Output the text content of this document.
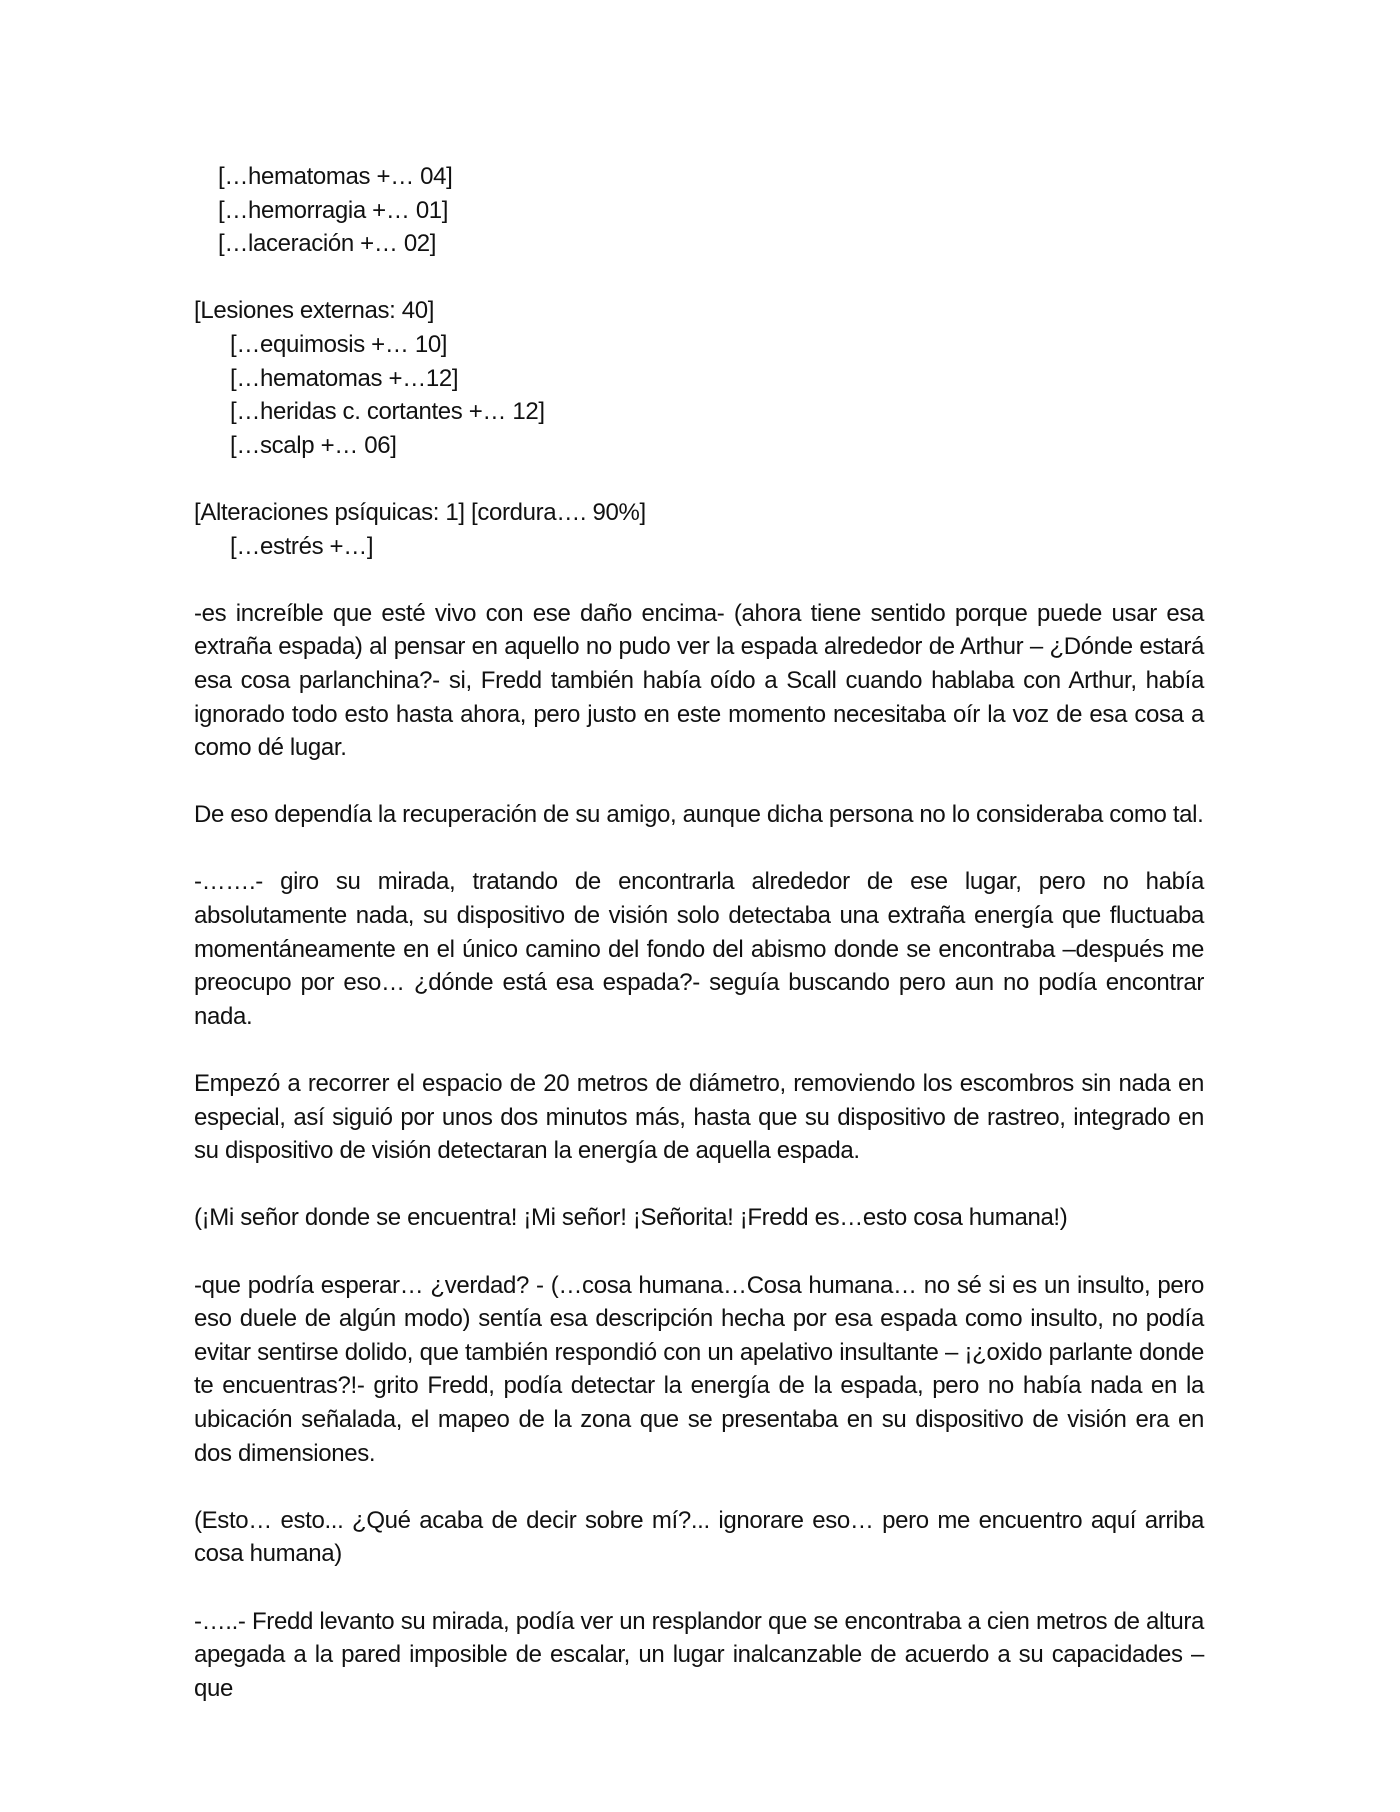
[…hematomas +… 04]
[…hemorragia +… 01]
[…laceración +… 02]
[Lesiones externas: 40]
[…equimosis +… 10]
[…hematomas +…12]
[…heridas c. cortantes +… 12]
[…scalp +… 06]
[Alteraciones psíquicas: 1] [cordura…. 90%]
[…estrés +…]

-es increíble que esté vivo con ese daño encima- (ahora tiene sentido porque puede usar esa extraña espada) al pensar en aquello no pudo ver la espada alrededor de Arthur – ¿Dónde estará esa cosa parlanchina?- si, Fredd también había oído a Scall cuando hablaba con Arthur, había ignorado todo esto hasta ahora, pero justo en este momento necesitaba oír la voz de esa cosa a como dé lugar.

De eso dependía la recuperación de su amigo, aunque dicha persona no lo consideraba como tal.

-…….- giro su mirada, tratando de encontrarla alrededor de ese lugar, pero no había absolutamente nada, su dispositivo de visión solo detectaba una extraña energía que fluctuaba momentáneamente en el único camino del fondo del abismo donde se encontraba –después me preocupo por eso… ¿dónde está esa espada?- seguía buscando pero aun no podía encontrar nada.

Empezó a recorrer el espacio de 20 metros de diámetro, removiendo los escombros sin nada en especial, así siguió por unos dos minutos más, hasta que su dispositivo de rastreo, integrado en su dispositivo de visión detectaran la energía de aquella espada.

(¡Mi señor donde se encuentra! ¡Mi señor! ¡Señorita! ¡Fredd es…esto cosa humana!)

-que podría esperar… ¿verdad? - (…cosa humana…Cosa humana… no sé si es un insulto, pero eso duele de algún modo) sentía esa descripción hecha por esa espada como insulto, no podía evitar sentirse dolido, que también respondió con un apelativo insultante – ¡¿oxido parlante donde te encuentras?!- grito Fredd, podía detectar la energía de la espada, pero no había nada en la ubicación señalada, el mapeo de la zona que se presentaba en su dispositivo de visión era en dos dimensiones.

(Esto… esto... ¿Qué acaba de decir sobre mí?... ignorare eso… pero me encuentro aquí arriba cosa humana)

-…..- Fredd levanto su mirada, podía ver un resplandor que se encontraba a cien metros de altura apegada a la pared imposible de escalar, un lugar inalcanzable de acuerdo a su capacidades –que
